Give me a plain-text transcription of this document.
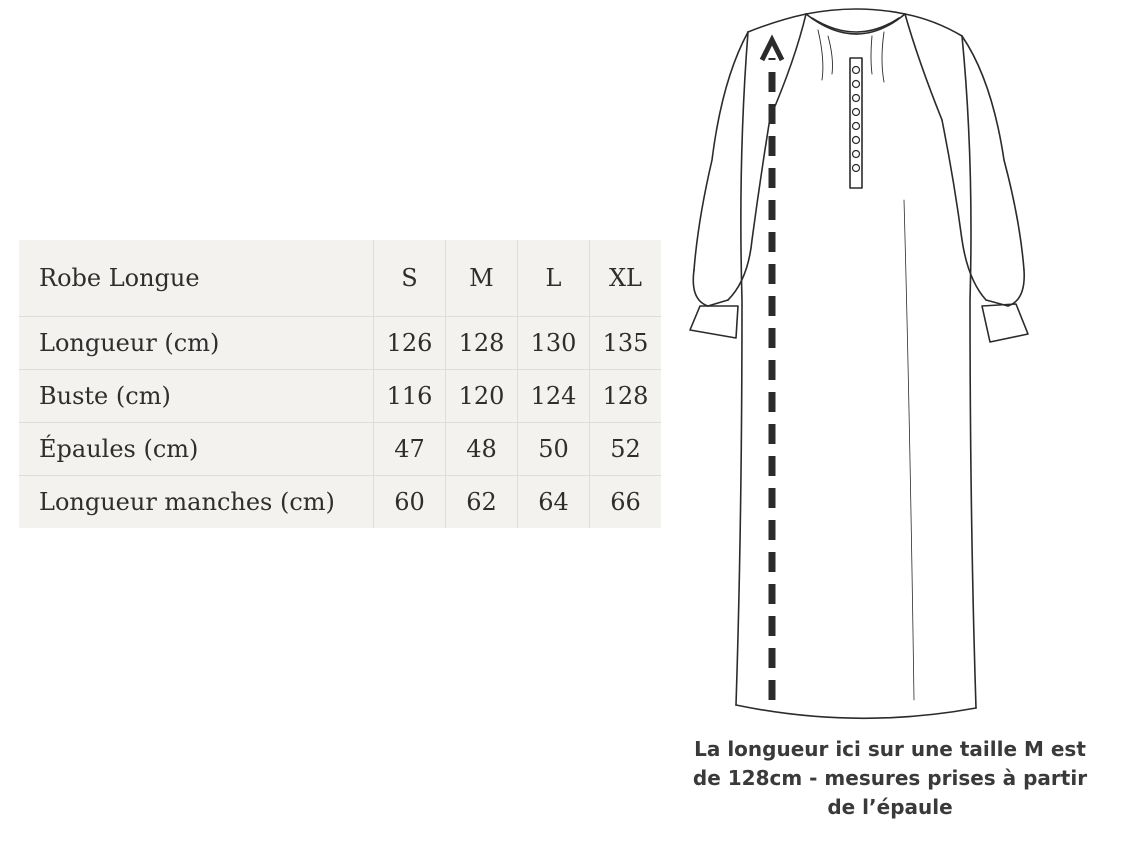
Robe Longue	S	M	L	XL
Longueur (cm)	126	128	130	135
Buste (cm)	116	120	124	128
Épaules (cm)	47	48	50	52
Longueur manches (cm)	60	62	64	66

La longueur ici sur une taille M est
de 128cm - mesures prises à partir
de l’épaule
